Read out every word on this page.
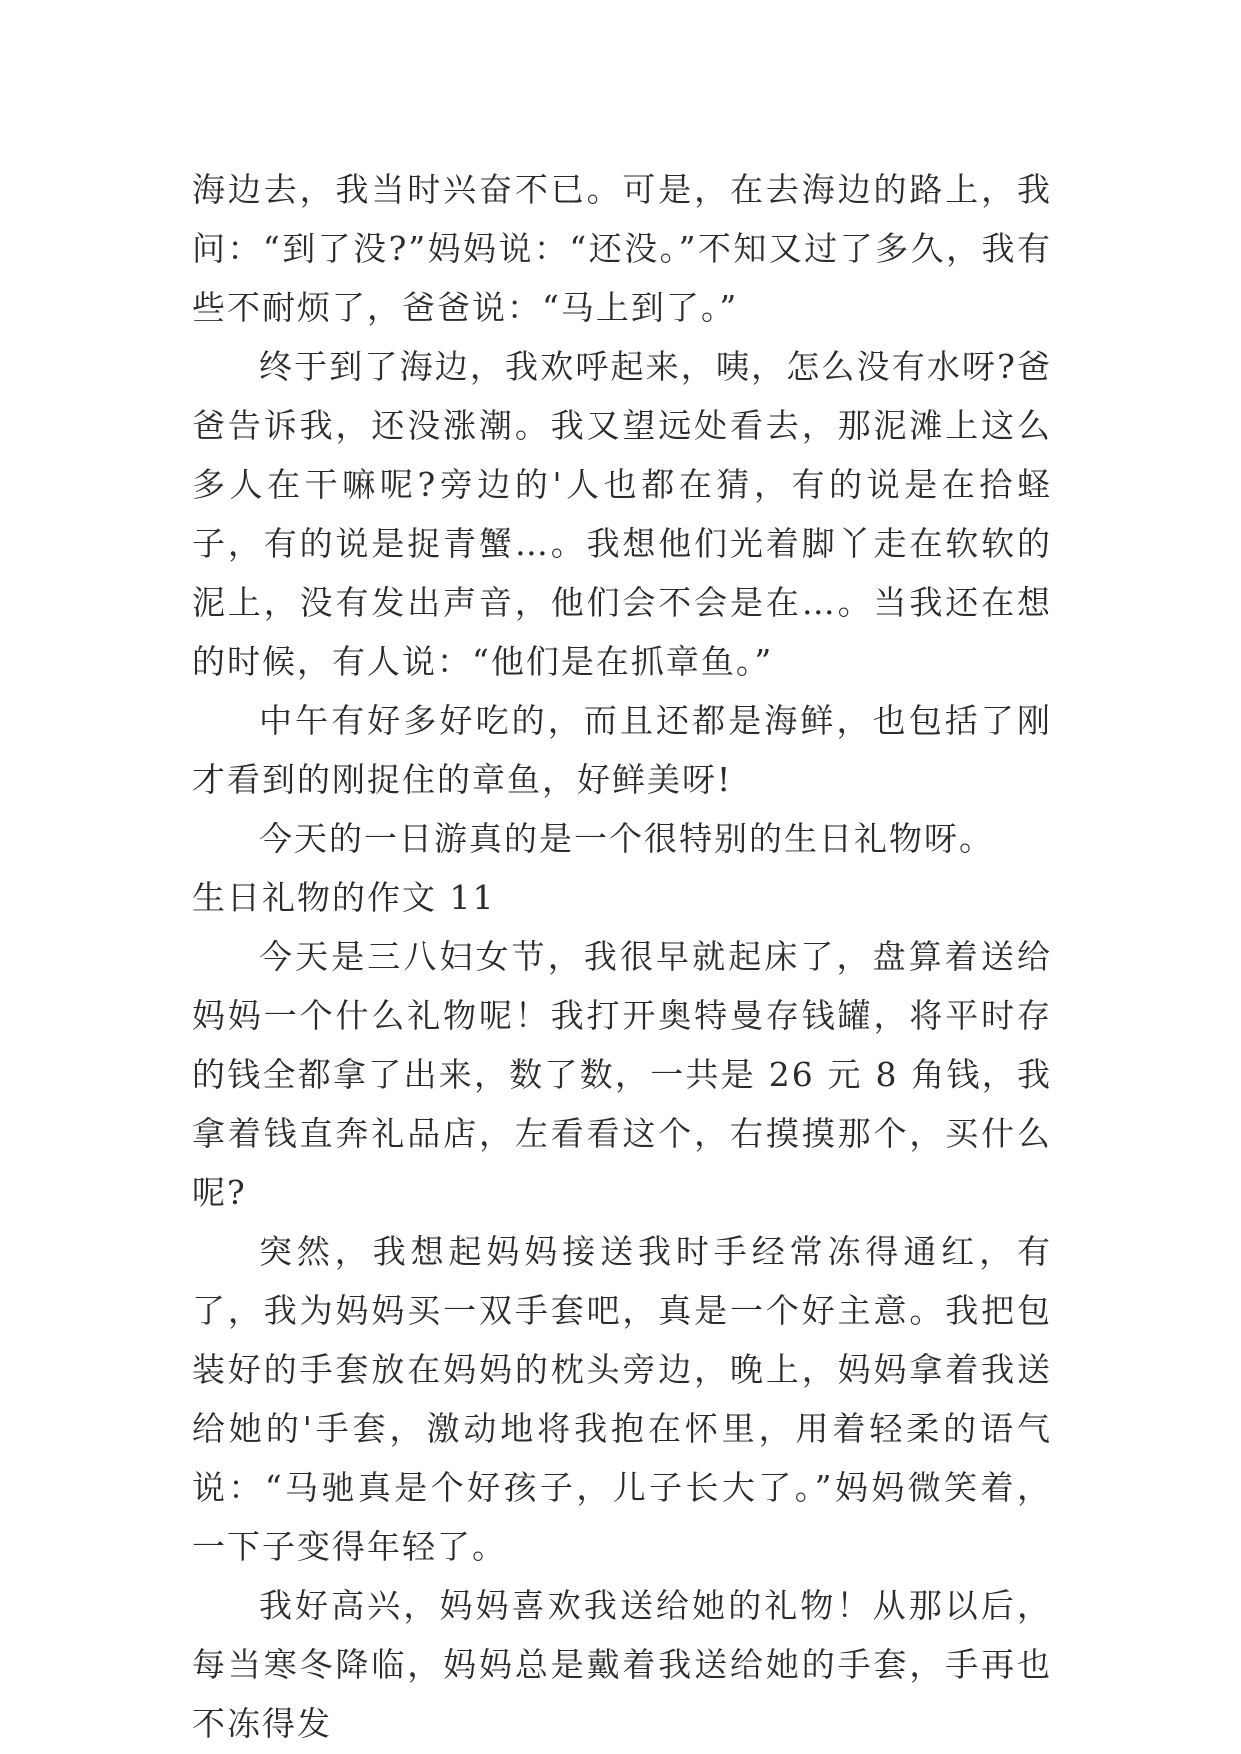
海边去，我当时兴奋不已。可是，在去海边的路上，我问：“到了没?”妈妈说：“还没。”不知又过了多久，我有些不耐烦了，爸爸说：“马上到了。”

终于到了海边，我欢呼起来，咦，怎么没有水呀?爸爸告诉我，还没涨潮。我又望远处看去，那泥滩上这么多人在干嘛呢?旁边的'人也都在猜，有的说是在拾蛏子，有的说是捉青蟹…。我想他们光着脚丫走在软软的泥上，没有发出声音，他们会不会是在…。当我还在想的时候，有人说：“他们是在抓章鱼。”

中午有好多好吃的，而且还都是海鲜，也包括了刚才看到的刚捉住的章鱼，好鲜美呀!

今天的一日游真的是一个很特别的生日礼物呀。

生日礼物的作文 11

今天是三八妇女节，我很早就起床了，盘算着送给妈妈一个什么礼物呢！我打开奥特曼存钱罐，将平时存的钱全都拿了出来，数了数，一共是 26 元 8 角钱，我拿着钱直奔礼品店，左看看这个，右摸摸那个，买什么呢?

突然，我想起妈妈接送我时手经常冻得通红，有了，我为妈妈买一双手套吧，真是一个好主意。我把包装好的手套放在妈妈的枕头旁边，晚上，妈妈拿着我送给她的'手套，激动地将我抱在怀里，用着轻柔的语气说：“马驰真是个好孩子，儿子长大了。”妈妈微笑着，一下子变得年轻了。

我好高兴，妈妈喜欢我送给她的礼物！从那以后，每当寒冬降临，妈妈总是戴着我送给她的手套，手再也不冻得发
